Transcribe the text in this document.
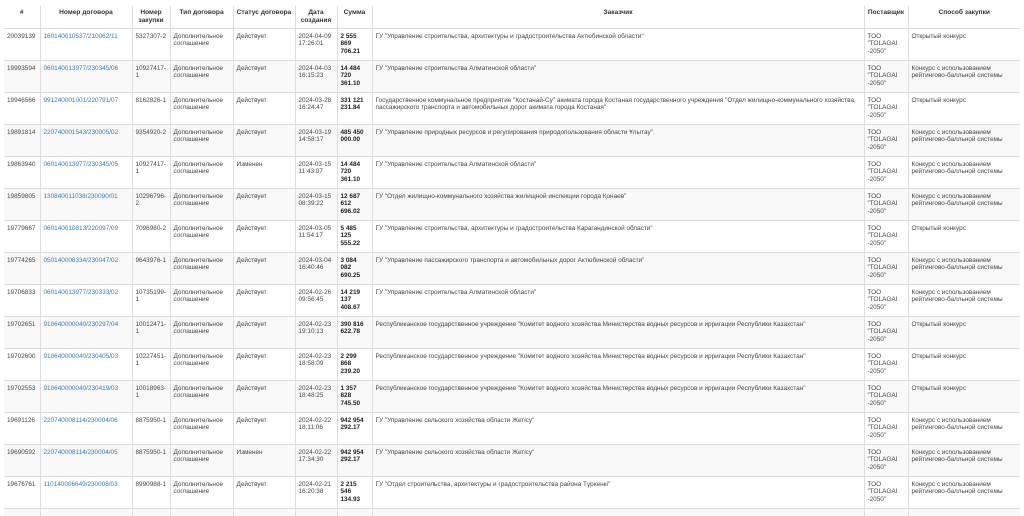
#	Номер договора	Номер закупки	Тип договора	Статус договора	Дата создания	Сумма	Заказчик	Поставщик	Способ закупки
20039139	160140010537/210062/11	5327307-2	Дополнительное соглашение	Действует	2024-04-09 17:26:01	2 555 869 706.21	ГУ "Управление строительства, архитектуры и градостроительства Актюбинской области"	ТОО "TOLAGAI -2050"	Открытый конкурс
19993594	060140013977/230345/06	10927417-1	Дополнительное соглашение	Действует	2024-04-03 16:15:23	14 484 720 361.10	ГУ "Управление строительства Алматинской области"	ТОО "TOLAGAI -2050"	Конкурс с использованием рейтингово-балльной системы
19946566	991240001001/220791/07	8162826-1	Дополнительное соглашение	Действует	2024-03-28 16:24:47	331 121 231.84	Государственное коммунальное предприятие "Костанай-Су" акимата города Костаная государственного учреждения "Отдел жилищно-коммунального хозяйства, пассажирского транспорта и автомобильных дорог акимата города Костаная"	ТОО "TOLAGAI -2050"	Открытый конкурс
19891814	220740001543/230005/02	9354920-2	Дополнительное соглашение	Действует	2024-03-19 14:58:17	485 450 000.00	ГУ "Управление природных ресурсов и регулирования природопользования области Ұлытау"	ТОО "TOLAGAI -2050"	Конкурс с использованием рейтингово-балльной системы
19863940	060140013977/230345/05	10927417-1	Дополнительное соглашение	Изменен	2024-03-15 11:43:07	14 484 720 361.10	ГУ "Управление строительства Алматинской области"	ТОО "TOLAGAI -2050"	Конкурс с использованием рейтингово-балльной системы
19859805	130840011038/230090/01	10296796-2	Дополнительное соглашение	Действует	2024-03-15 08:39:22	12 687 612 696.02	ГУ "Отдел жилищно-коммунального хозяйства жилищной инспекции города Қонаев"	ТОО "TOLAGAI -2050"	Конкурс с использованием рейтингово-балльной системы
19779667	060140010813/220097/09	7096980-2	Дополнительное соглашение	Действует	2024-03-05 11:54:17	5 485 125 555.22	ГУ "Управление строительства, архитектуры и градостроительства Карагандинской области"	ТОО "TOLAGAI -2050"	Открытый конкурс
19774265	050140008334/230047/02	9643976-1	Дополнительное соглашение	Действует	2024-03-04 16:40:46	3 084 082 690.25	ГУ "Управление пассажирского транспорта и автомобильных дорог Актюбинской области"	ТОО "TOLAGAI -2050"	Конкурс с использованием рейтингово-балльной системы
19706833	060140013977/230333/02	10735199-1	Дополнительное соглашение	Действует	2024-02-26 09:56:45	14 219 137 408.67	ГУ "Управление строительства Алматинской области"	ТОО "TOLAGAI -2050"	Конкурс с использованием рейтингово-балльной системы
19702651	910640000040/230297/04	10012471-1	Дополнительное соглашение	Действует	2024-02-23 19:10:13	390 816 622.78	Республиканское государственное учреждение "Комитет водного хозяйства Министерства водных ресурсов и ирригации Республики Казахстан"	ТОО "TOLAGAI -2050"	Открытый конкурс
19702600	910640000040/230405/03	10227451-1	Дополнительное соглашение	Действует	2024-02-23 18:58:09	2 299 868 239.20	Республиканское государственное учреждение "Комитет водного хозяйства Министерства водных ресурсов и ирригации Республики Казахстан"	ТОО "TOLAGAI -2050"	Открытый конкурс
19702553	910640000040/230419/03	10018963-1	Дополнительное соглашение	Действует	2024-02-23 18:48:25	1 357 828 745.50	Республиканское государственное учреждение "Комитет водного хозяйства Министерства водных ресурсов и ирригации Республики Казахстан"	ТОО "TOLAGAI -2050"	Открытый конкурс
19691126	220740008114/230004/06	8875950-1	Дополнительное соглашение	Действует	2024-02-22 18:11:06	942 954 292.17	ГУ "Управление сельского хозяйства области Жетісу"	ТОО "TOLAGAI -2050"	Конкурс с использованием рейтингово-балльной системы
19690592	220740008114/230004/05	8875950-1	Дополнительное соглашение	Изменен	2024-02-22 17:34:30	942 954 292.17	ГУ "Управление сельского хозяйства области Жетісу"	ТОО "TOLAGAI -2050"	Конкурс с использованием рейтингово-балльной системы
19676761	110140006649/230008/03	8990988-1	Дополнительное соглашение	Действует	2024-02-21 16:20:38	2 215 546 134.93	ГУ "Отдел строительства, архитектуры и градостроительства района Түркенкі"	ТОО "TOLAGAI -2050"	Конкурс с использованием рейтингово-балльной системы
